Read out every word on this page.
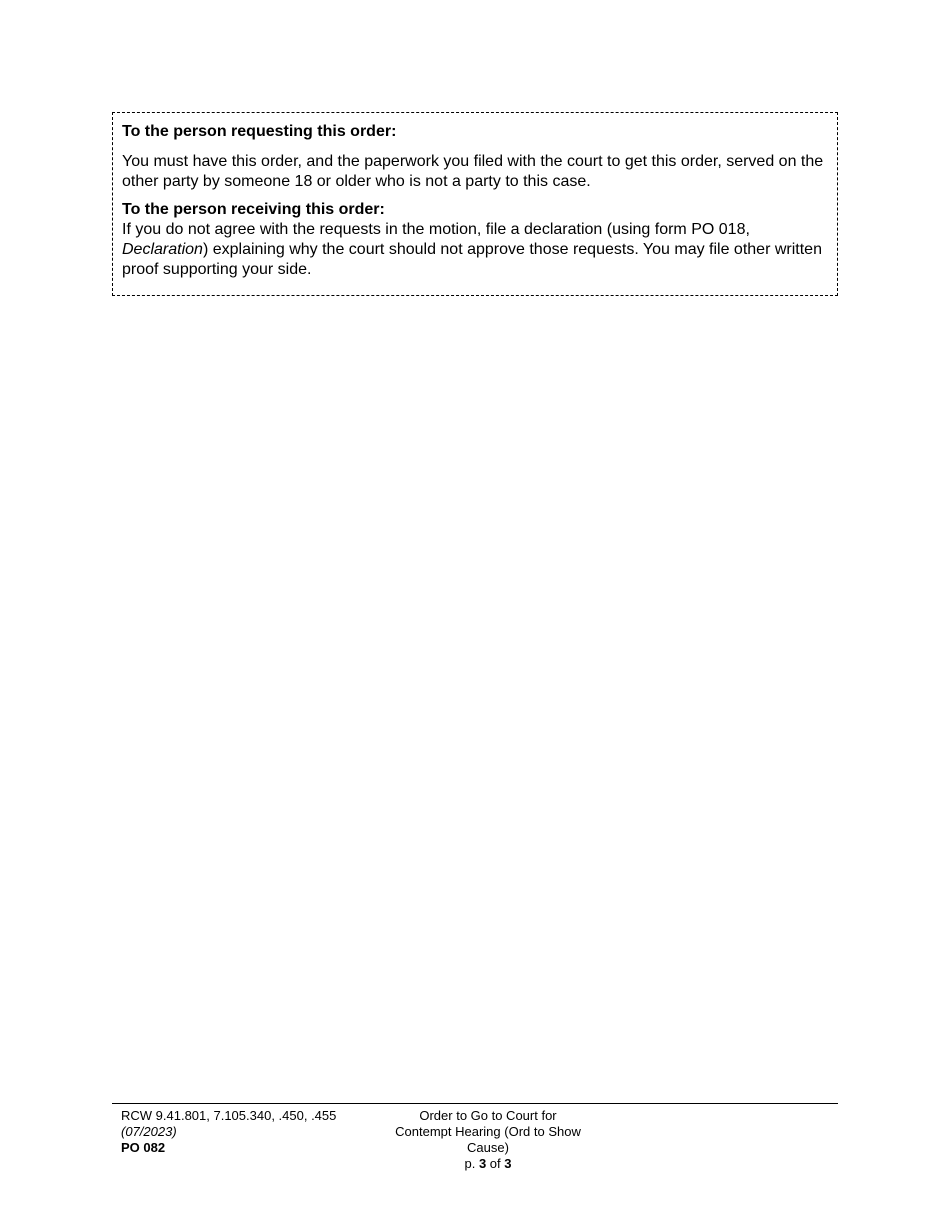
To the person requesting this order:

You must have this order, and the paperwork you filed with the court to get this order, served on the other party by someone 18 or older who is not a party to this case.

To the person receiving this order:

If you do not agree with the requests in the motion, file a declaration (using form PO 018, Declaration) explaining why the court should not approve those requests. You may file other written proof supporting your side.

RCW 9.41.801, 7.105.340, .450, .455
(07/2023)
PO 082
Order to Go to Court for
Contempt Hearing (Ord to Show
Cause)
p. 3 of 3
